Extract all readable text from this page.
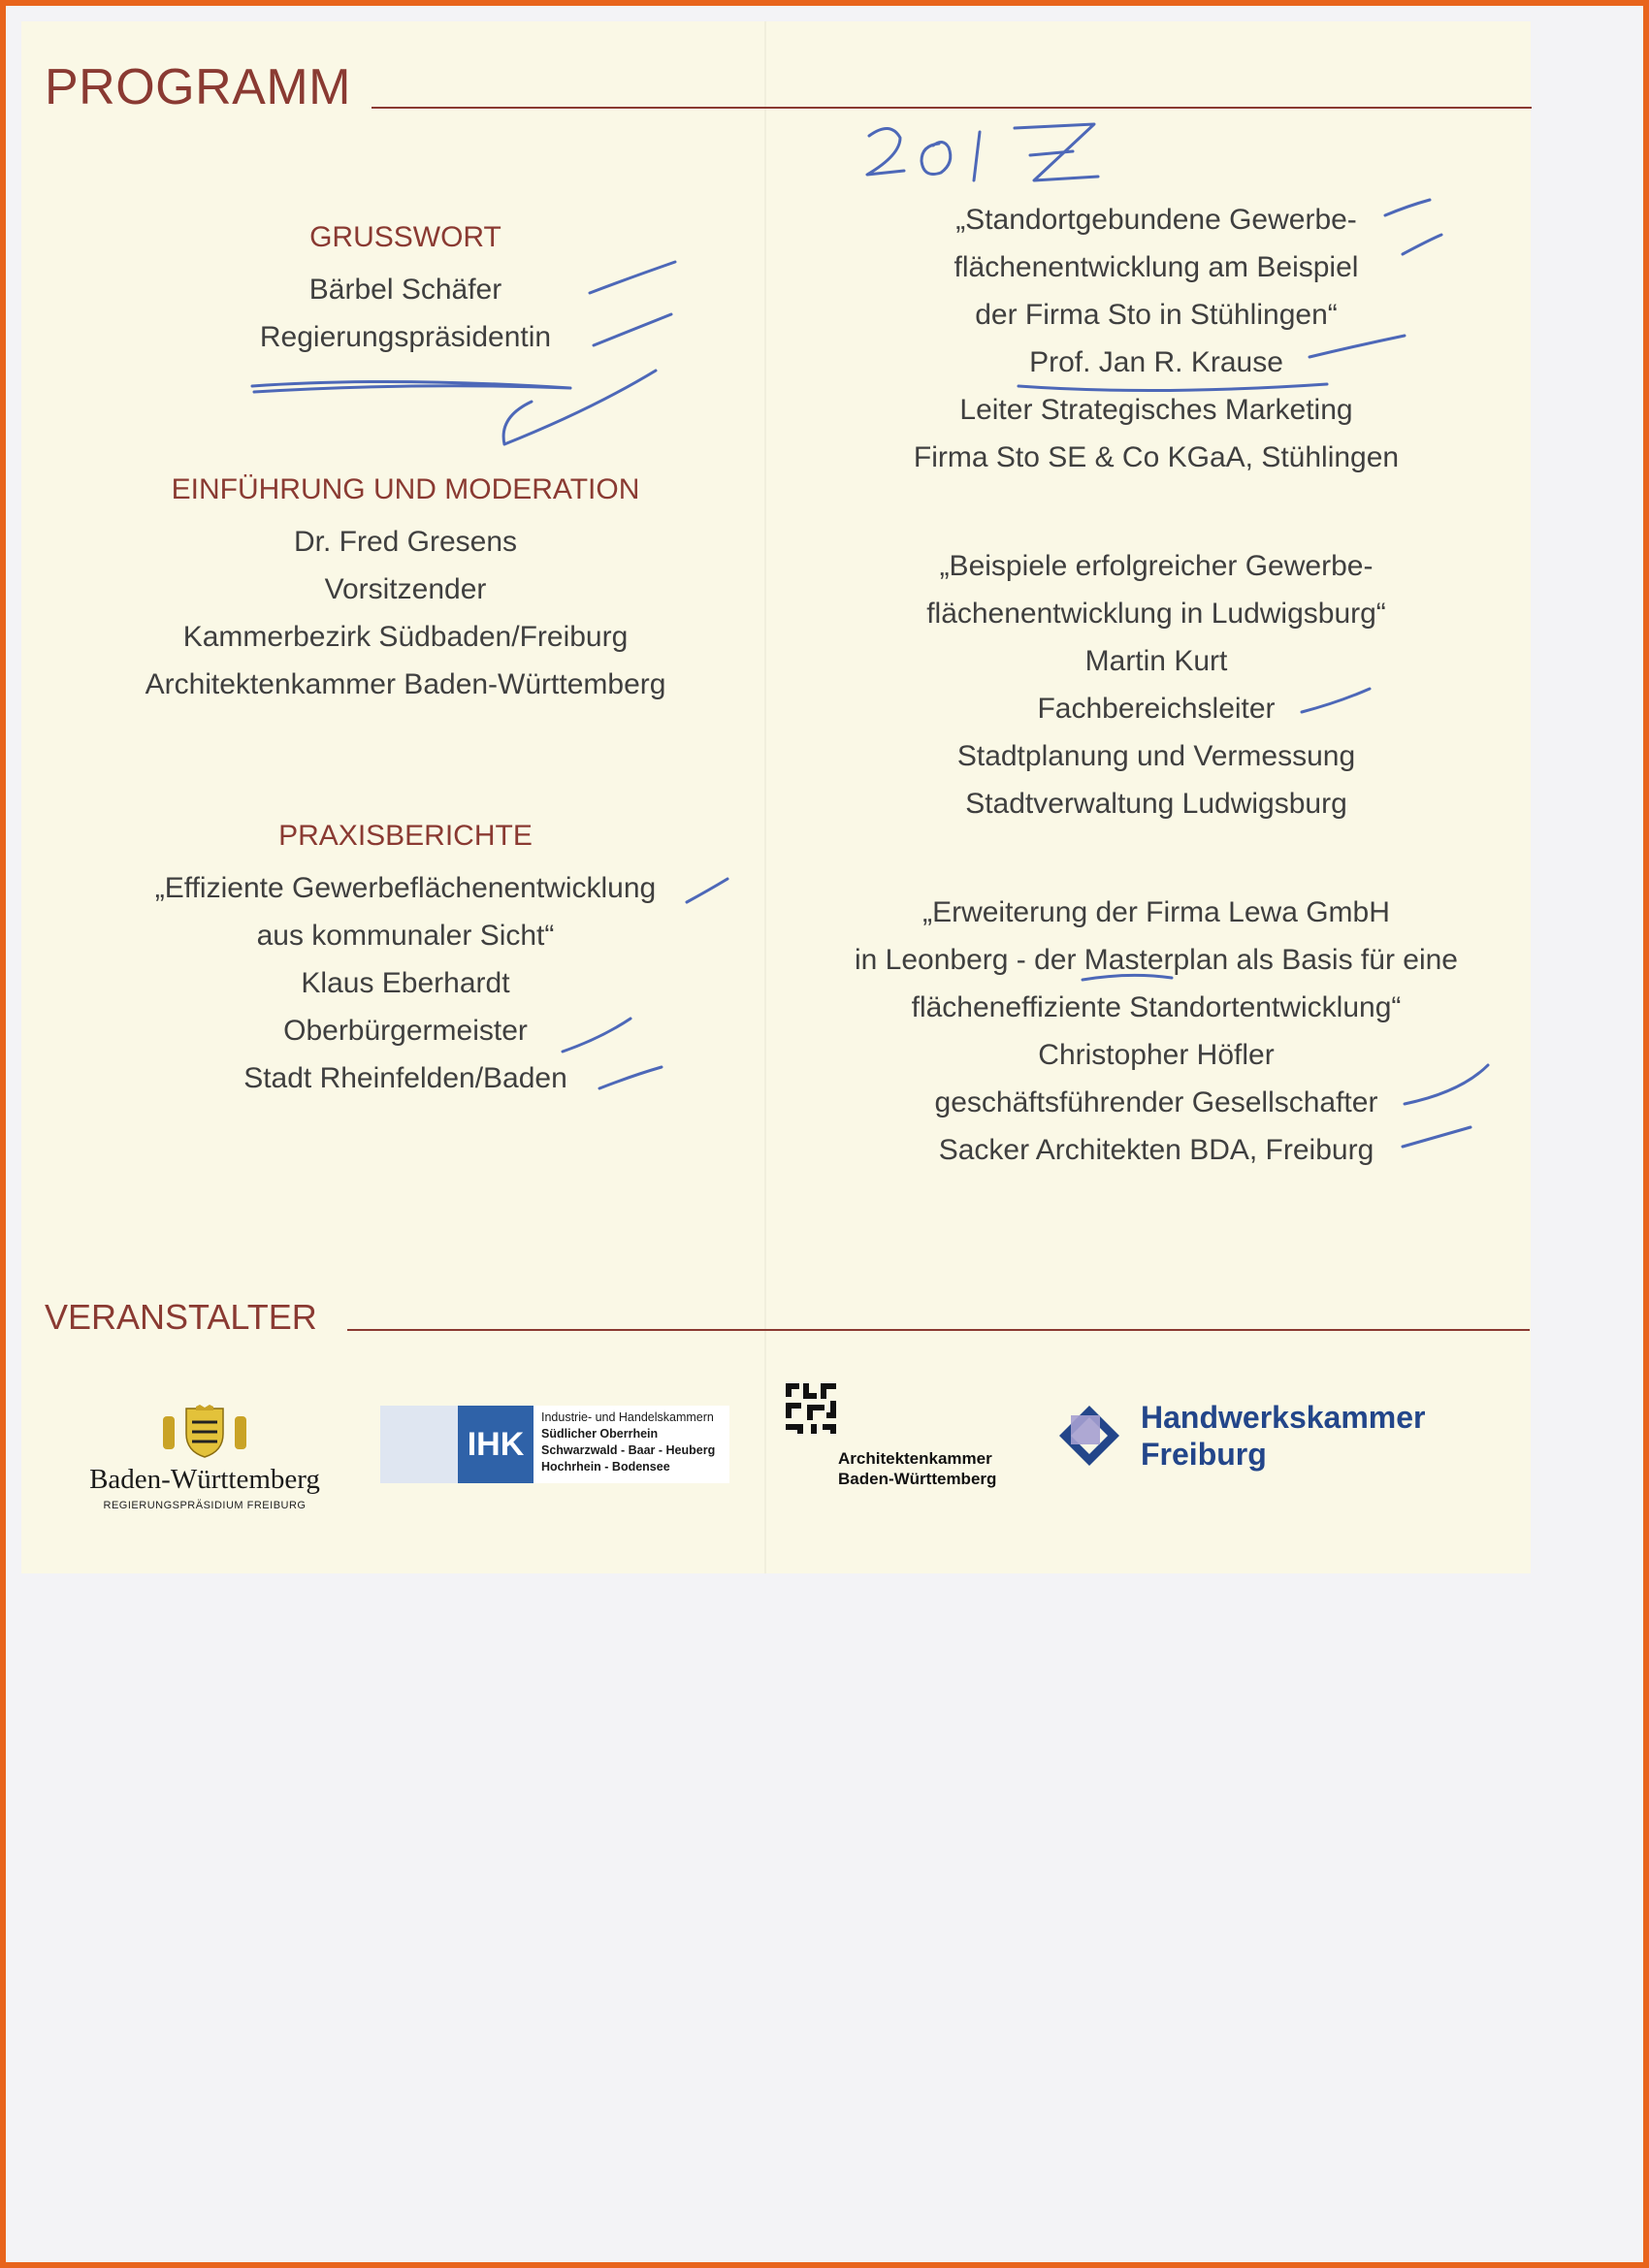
PROGRAMM
GRUSSWORT
Bärbel Schäfer
Regierungspräsidentin
EINFÜHRUNG UND MODERATION
Dr. Fred Gresens
Vorsitzender
Kammerbezirk Südbaden/Freiburg
Architektenkammer Baden-Württemberg
PRAXISBERICHTE
„Effiziente Gewerbeflächenentwicklung
aus kommunaler Sicht“
Klaus Eberhardt
Oberbürgermeister
Stadt Rheinfelden/Baden
„Standortgebundene Gewerbe-
flächenentwicklung am Beispiel
der Firma Sto in Stühlingen“
Prof. Jan R. Krause
Leiter Strategisches Marketing
Firma Sto SE & Co KGaA, Stühlingen
„Beispiele erfolgreicher Gewerbe-
flächenentwicklung in Ludwigsburg“
Martin Kurt
Fachbereichsleiter
Stadtplanung und Vermessung
Stadtverwaltung Ludwigsburg
„Erweiterung der Firma Lewa GmbH
in Leonberg - der Masterplan als Basis für eine
flächeneffiziente Standortentwicklung“
Christopher Höfler
geschäftsführender Gesellschafter
Sacker Architekten BDA, Freiburg
VERANSTALTER
Baden-Württemberg
REGIERUNGSPRÄSIDIUM FREIBURG
IHK
Industrie- und Handelskammern
Südlicher Oberrhein
Schwarzwald - Baar - Heuberg
Hochrhein - Bodensee	Architektenkammer
Baden-Württemberg
Handwerkskammer
Freiburg
